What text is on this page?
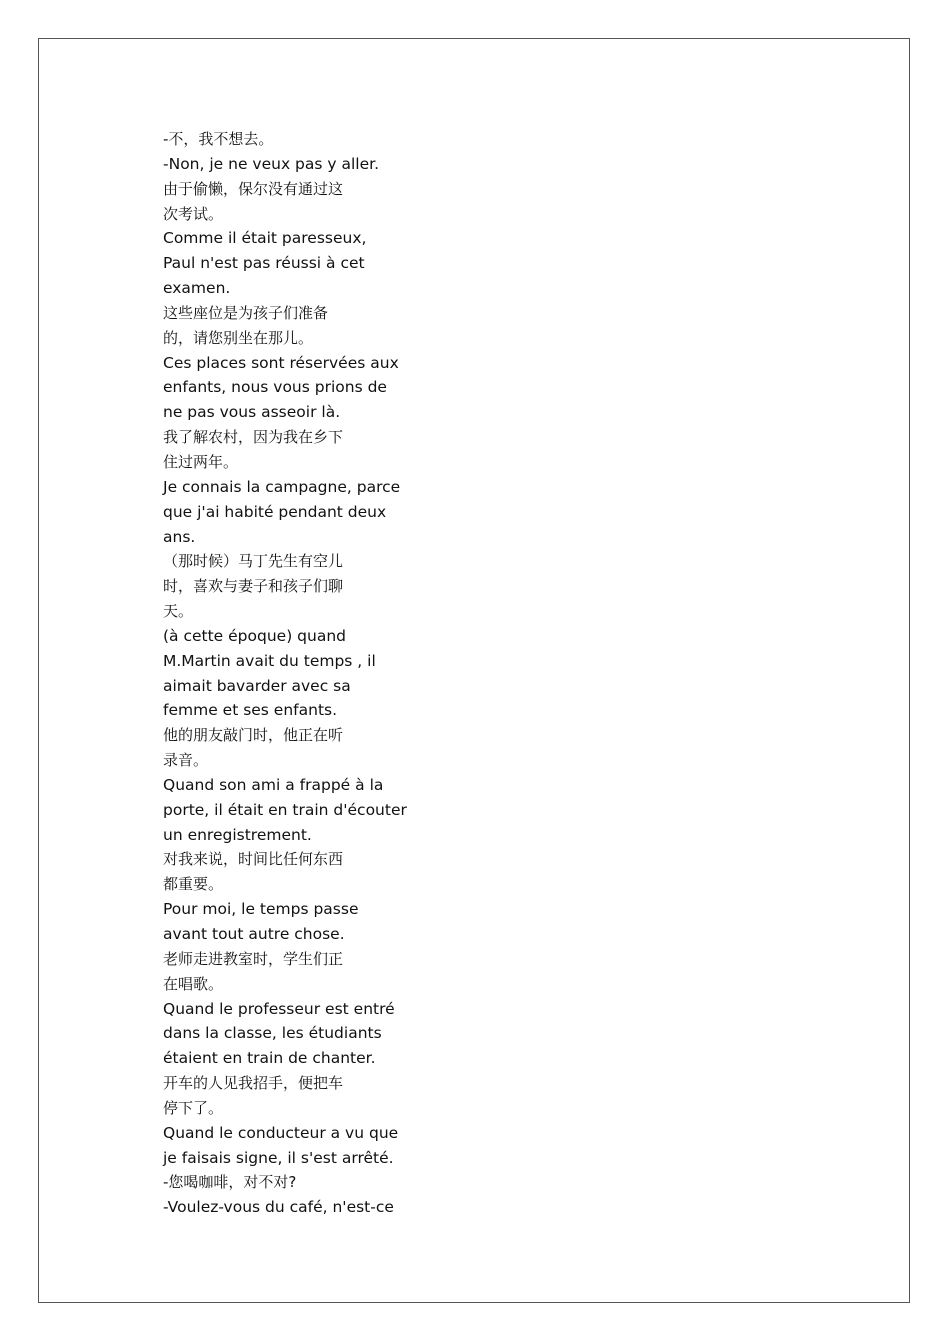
-不，我不想去。
-Non, je ne veux pas y aller.
由于偷懒，保尔没有通过这
次考试。
Comme il était paresseux,
Paul n'est pas réussi à cet
examen.
这些座位是为孩子们准备
的，请您别坐在那儿。
Ces places sont réservées aux
enfants, nous vous prions de
ne pas vous asseoir là.
我了解农村，因为我在乡下
住过两年。
Je connais la campagne, parce
que j'ai habité pendant deux
ans.
（那时候）马丁先生有空儿
时，喜欢与妻子和孩子们聊
天。
(à cette époque) quand
M.Martin avait du temps , il
aimait bavarder avec sa
femme et ses enfants.
他的朋友敲门时，他正在听
录音。
Quand son ami a frappé à la
porte, il était en train d'écouter
un enregistrement.
对我来说，时间比任何东西
都重要。
Pour moi, le temps passe
avant tout autre chose.
老师走进教室时，学生们正
在唱歌。
Quand le professeur est entré
dans la classe, les étudiants
étaient en train de chanter.
开车的人见我招手，便把车
停下了。
Quand le conducteur a vu que
je faisais signe, il s'est arrêté.
-您喝咖啡，对不对?
-Voulez-vous du café, n'est-ce
